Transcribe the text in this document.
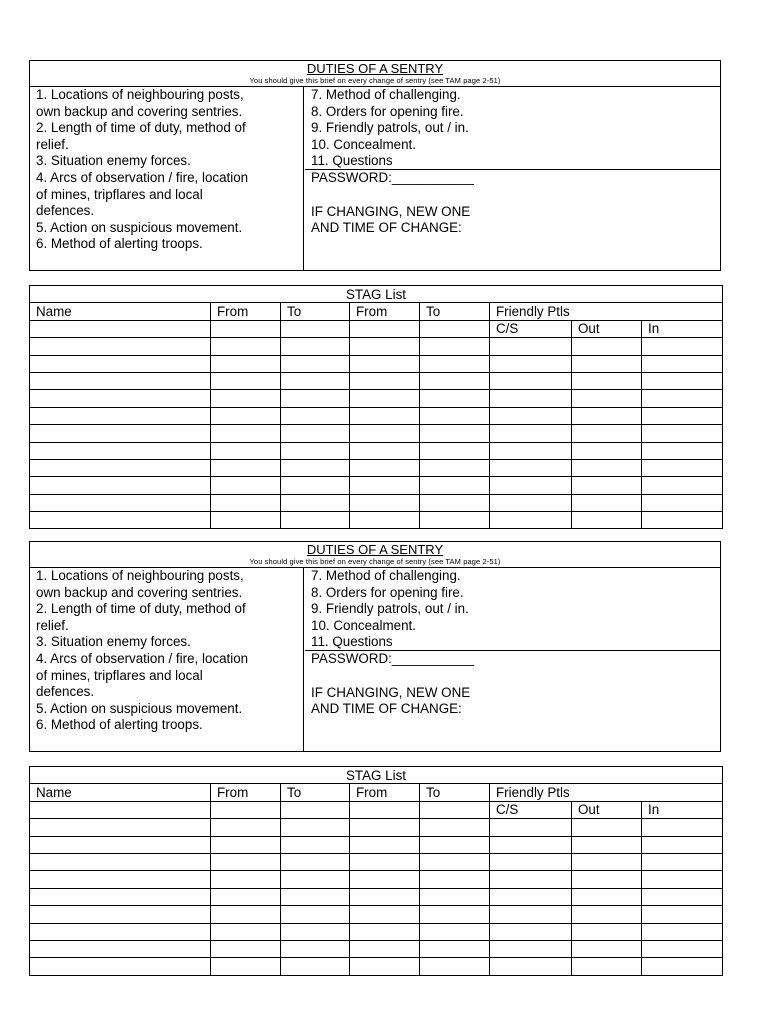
DUTIES OF A SENTRY
You should give this brief on every change of sentry (see TAM page 2-51)
1. Locations of neighbouring posts,
own backup and covering sentries.
2. Length of time of duty, method of
relief.
3. Situation enemy forces.
4. Arcs of observation / fire, location
of mines, tripflares and local
defences.
5. Action on suspicious movement.
6. Method of alerting troops.
7. Method of challenging.
8. Orders for opening fire.
9. Friendly patrols, out / in.
10. Concealment.
11. Questions
PASSWORD:___________
IF CHANGING, NEW ONE
AND TIME OF CHANGE:
STAG List							
Name	From	To	From	To	Friendly Ptls		
					C/S	Out	In

DUTIES OF A SENTRY
You should give this brief on every change of sentry (see TAM page 2-51)
1. Locations of neighbouring posts,
own backup and covering sentries.
2. Length of time of duty, method of
relief.
3. Situation enemy forces.
4. Arcs of observation / fire, location
of mines, tripflares and local
defences.
5. Action on suspicious movement.
6. Method of alerting troops.
7. Method of challenging.
8. Orders for opening fire.
9. Friendly patrols, out / in.
10. Concealment.
11. Questions
PASSWORD:___________
IF CHANGING, NEW ONE
AND TIME OF CHANGE:
STAG List							
Name	From	To	From	To	Friendly Ptls		
					C/S	Out	In
